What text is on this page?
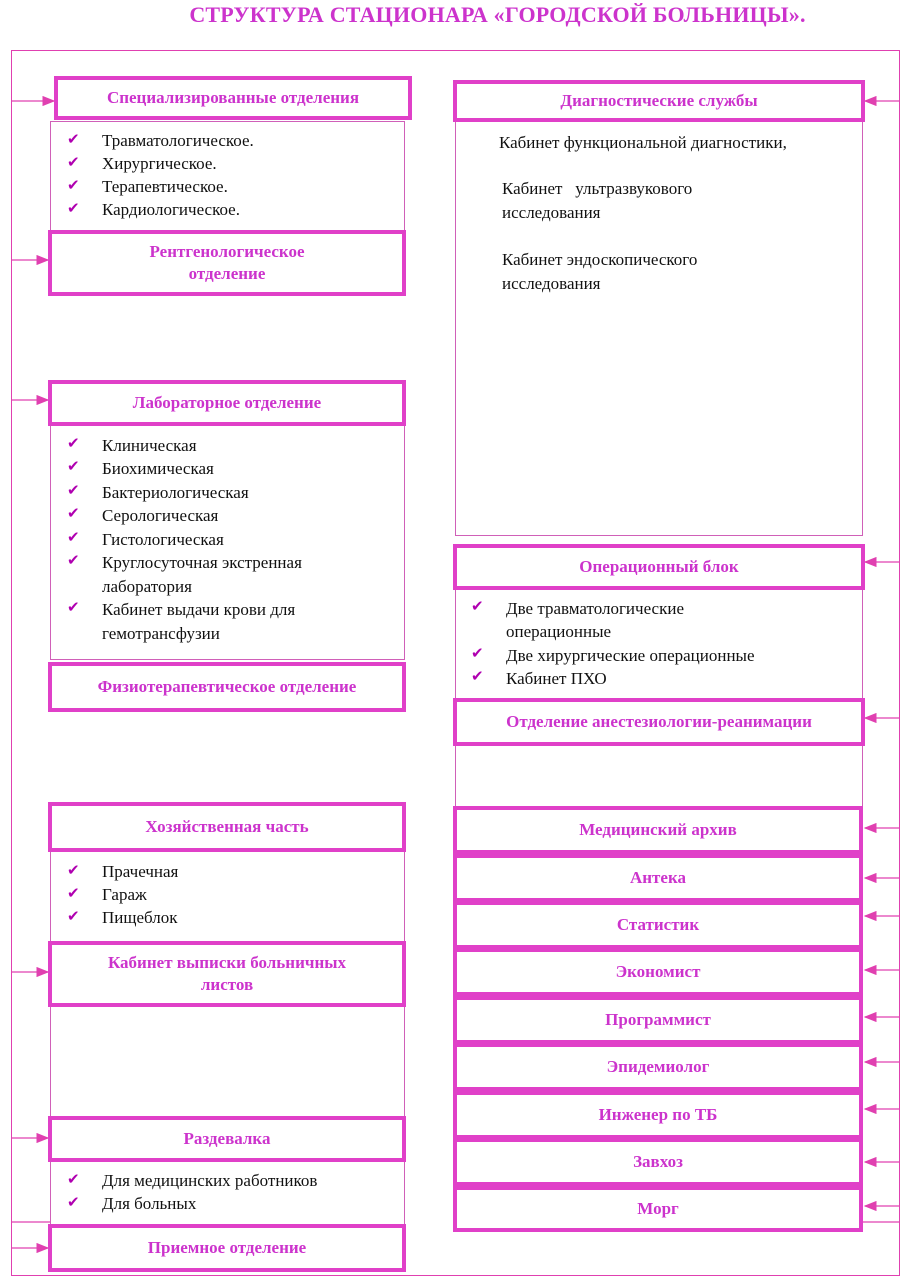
СТРУКТУРА СТАЦИОНАРА «ГОРОДСКОЙ БОЛЬНИЦЫ».
✔ Травматологическое.
✔ Хирургическое.
✔ Терапевтическое.
✔ Кардиологическое.
Специализированные отделения
Рентгенологическое
отделение
✔ Клиническая
✔ Биохимическая
✔ Бактериологическая
✔ Серологическая
✔ Гистологическая
✔ Круглосуточная экстренная лаборатория
✔ Кабинет выдачи крови для гемотрансфузии
Лабораторное отделение
Физиотерапевтическое отделение
✔ Прачечная
✔ Гараж
✔ Пищеблок
Хозяйственная часть
Кабинет выписки больничных
листов
✔ Для медицинских работников
✔ Для больных
Раздевалка
Приемное отделение
Кабинет функциональной диагностики,
Кабинет   ультразвукового
исследования
Кабинет эндоскопического
исследования
Диагностические службы
✔ Две травматологические операционные
✔ Две хирургические операционные
✔ Кабинет ПХО
Операционный блок
Отделение анестезиологии-реанимации
Медицинский архив
Антека
Статистик
Экономист
Программист
Эпидемиолог
Инженер по ТБ
Завхоз
Морг
